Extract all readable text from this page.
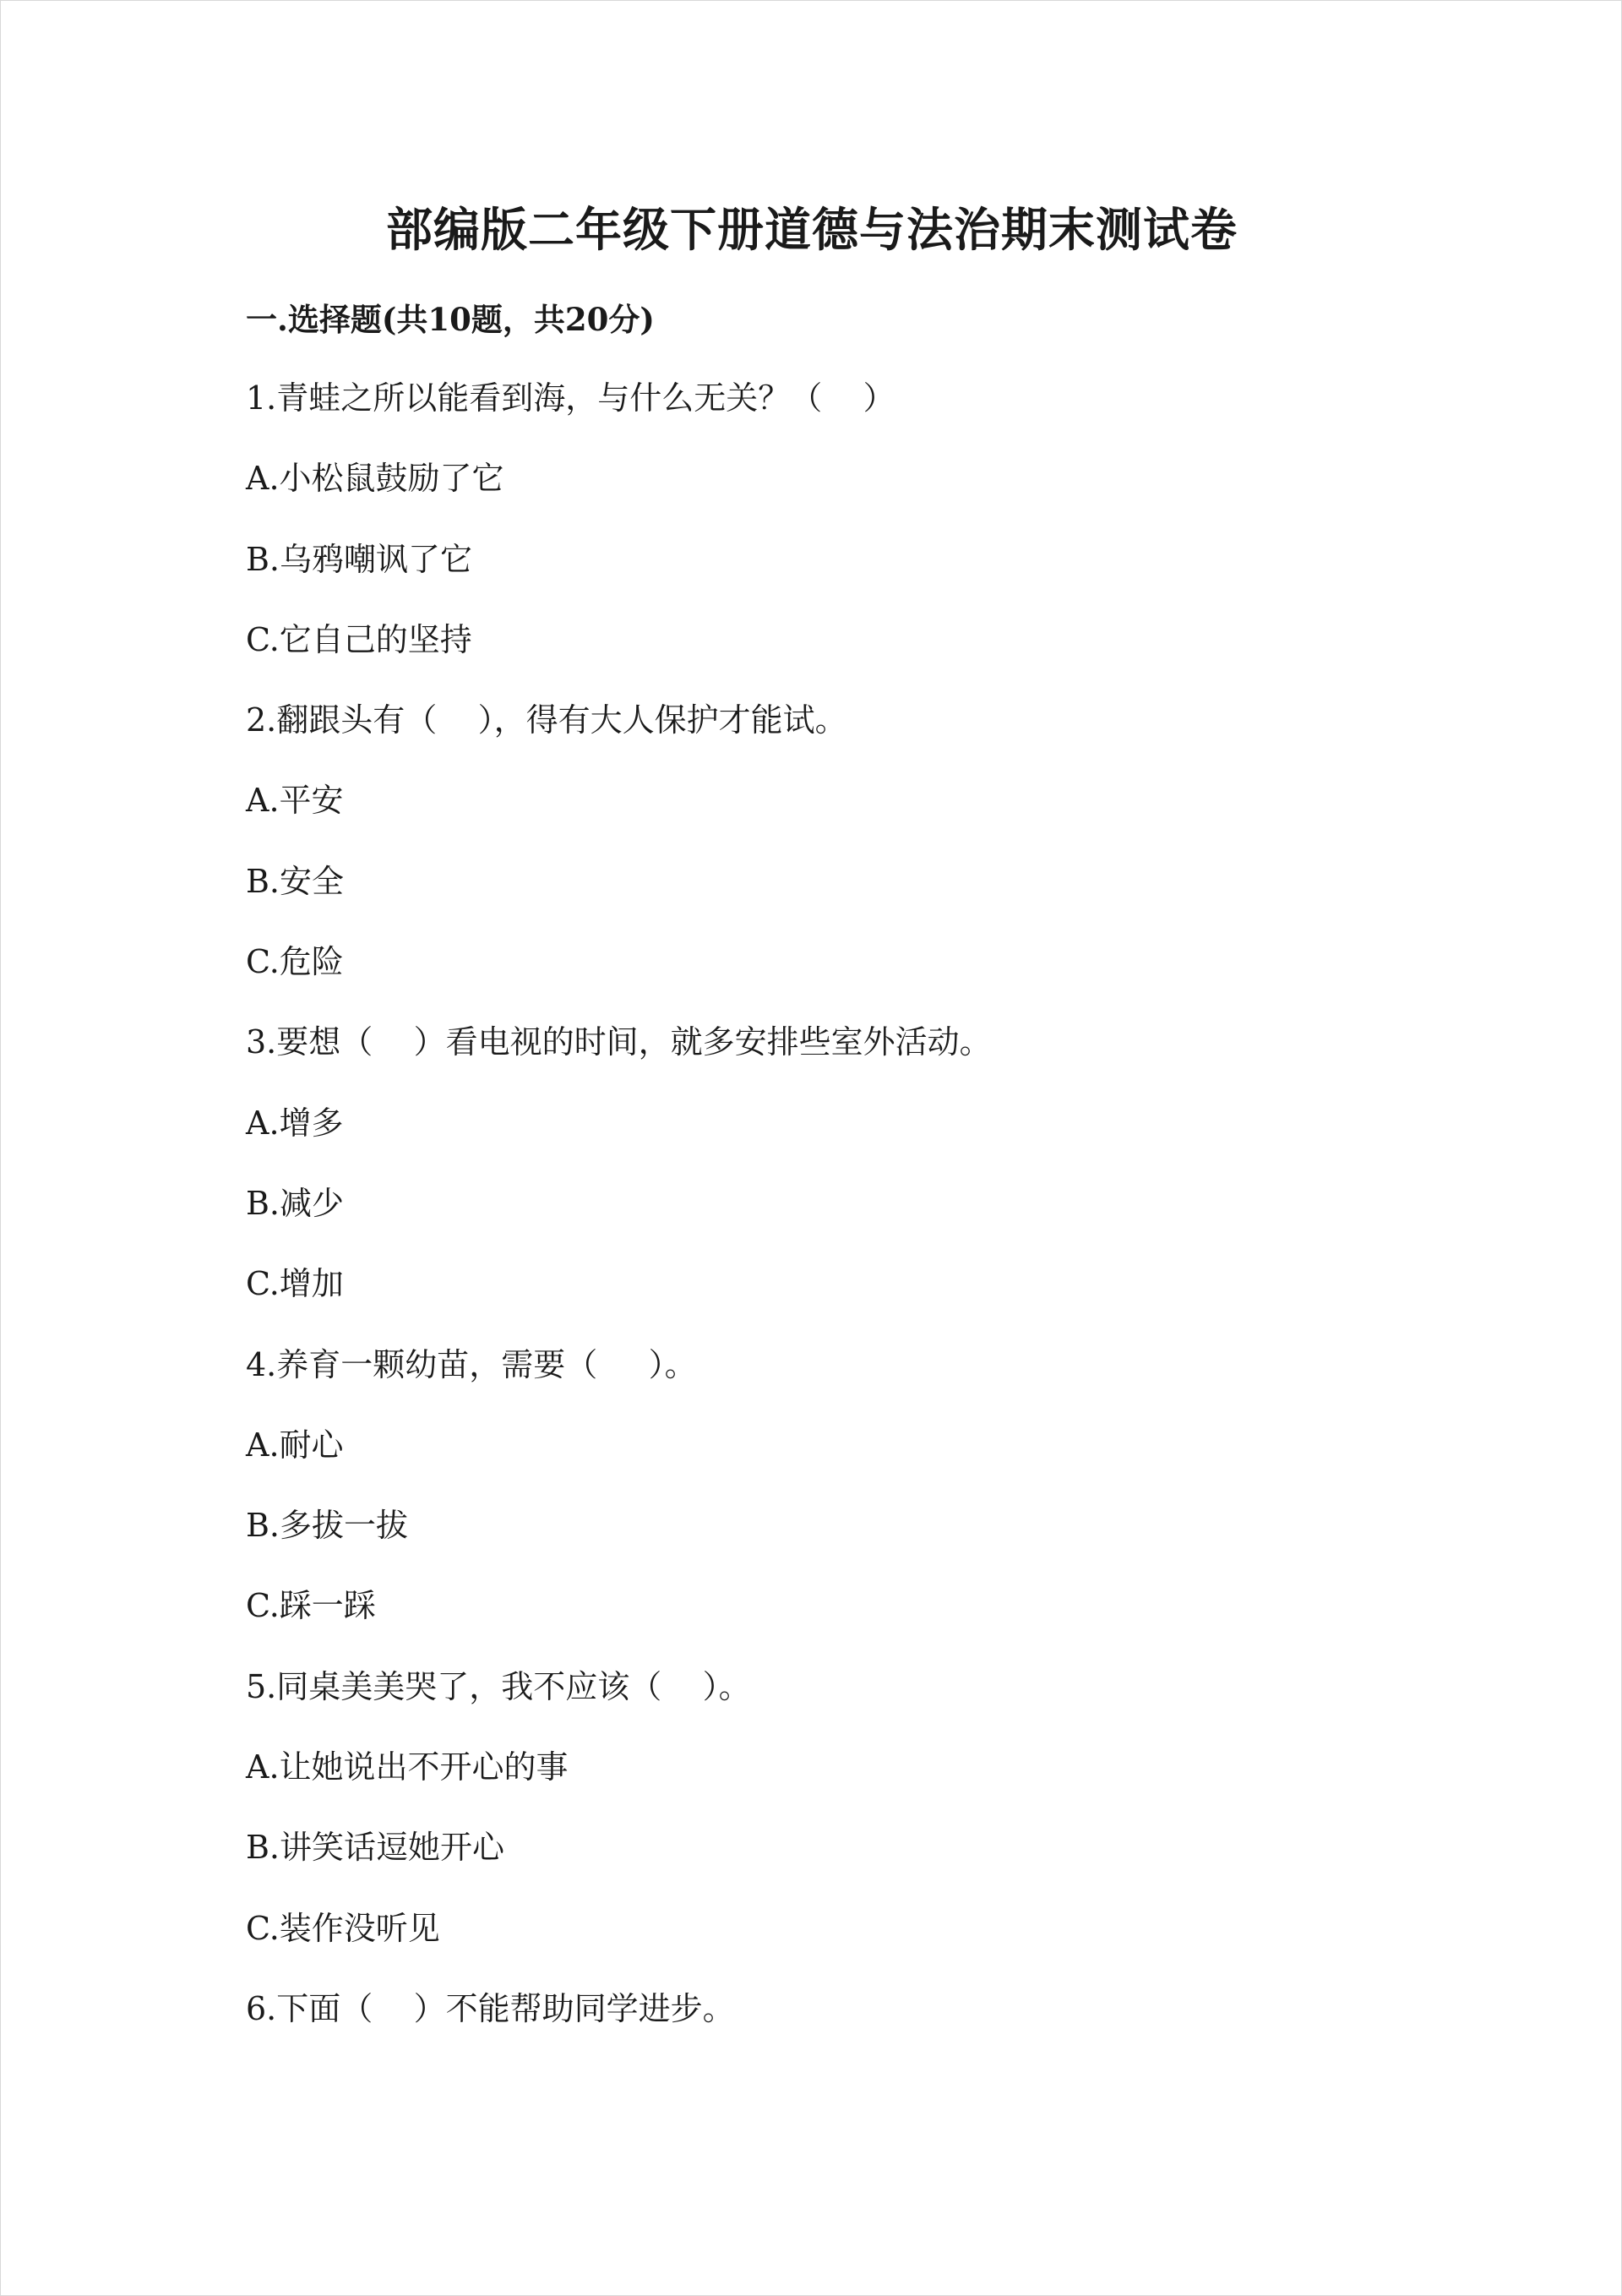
部编版二年级下册道德与法治期末测试卷
一.选择题(共10题，共20分)
1.青蛙之所以能看到海，与什么无关？（    ）
A.小松鼠鼓励了它
B.乌鸦嘲讽了它
C.它自己的坚持
2.翻跟头有（    ），得有大人保护才能试。
A.平安
B.安全
C.危险
3.要想（    ）看电视的时间，就多安排些室外活动。
A.增多
B.减少
C.增加
4.养育一颗幼苗，需要（     ）。
A.耐心
B.多拔一拔
C.踩一踩
5.同桌美美哭了，我不应该（    ）。
A.让她说出不开心的事
B.讲笑话逗她开心
C.装作没听见
6.下面（    ）不能帮助同学进步。
